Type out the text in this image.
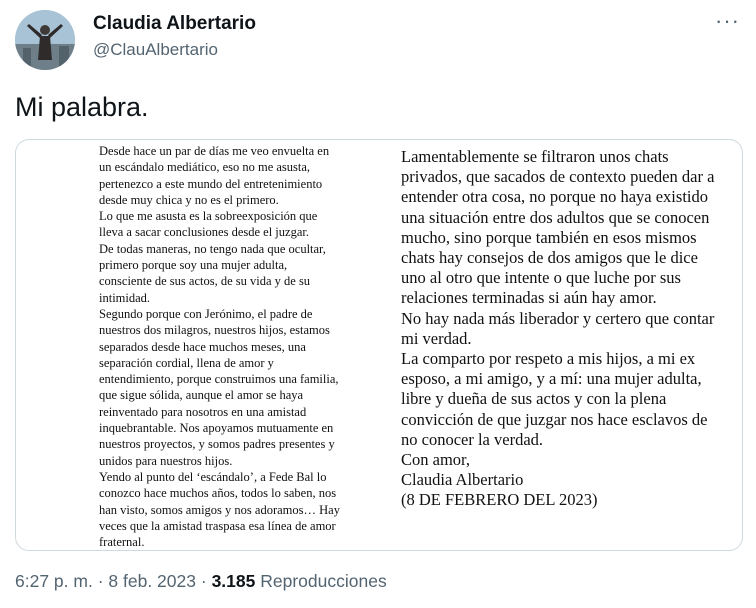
Claudia Albertario
@ClauAlbertario
···
Mi palabra.

Desde hace un par de días me veo envuelta en un escándalo mediático, eso no me asusta, pertenezco a este mundo del entretenimiento desde muy chica y no es el primero.

Lo que me asusta es la sobreexposición que lleva a sacar conclusiones desde el juzgar.

De todas maneras, no tengo nada que ocultar, primero porque soy una mujer adulta, consciente de sus actos, de su vida y de su intimidad.

Segundo porque con Jerónimo, el padre de nuestros dos milagros, nuestros hijos, estamos separados desde hace muchos meses, una separación cordial, llena de amor y entendimiento, porque construimos una familia, que sigue sólida, aunque el amor se haya reinventado para nosotros en una amistad inquebrantable. Nos apoyamos mutuamente en nuestros proyectos, y somos padres presentes y unidos para nuestros hijos.

Yendo al punto del ‘escándalo’, a Fede Bal lo conozco hace muchos años, todos lo saben, nos han visto, somos amigos y nos adoramos… Hay veces que la amistad traspasa esa línea de amor fraternal.

Lamentablemente se filtraron unos chats privados, que sacados de contexto pueden dar a entender otra cosa, no porque no haya existido una situación entre dos adultos que se conocen mucho, sino porque también en esos mismos chats hay consejos de dos amigos que le dice uno al otro que intente o que luche por sus relaciones terminadas si aún hay amor.

No hay nada más liberador y certero que contar mi verdad.

La comparto por respeto a mis hijos, a mi ex esposo, a mi amigo, y a mí: una mujer adulta, libre y dueña de sus actos y con la plena convicción de que juzgar nos hace esclavos de no conocer la verdad.

Con amor,

Claudia Albertario

(8 DE FEBRERO DEL 2023)

6:27 p. m. · 8 feb. 2023 · 3.185 Reproducciones
